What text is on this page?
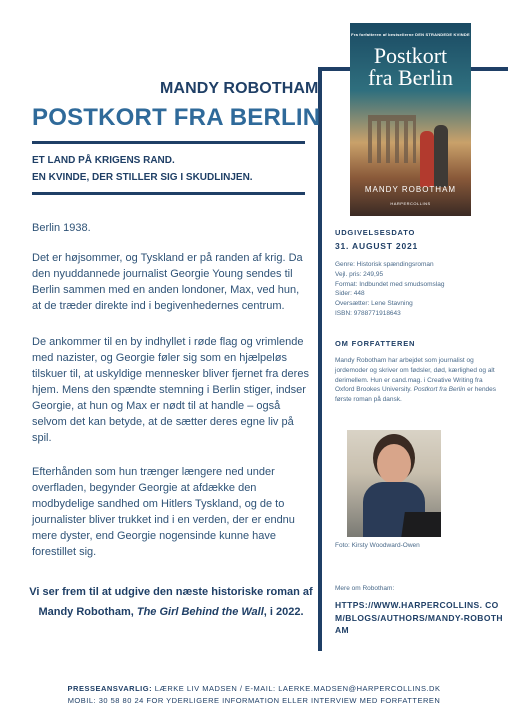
Fra forfatteren af bestsellerne DEN STRANDEDE KVINDE
Postkort
fra Berlin
MANDY ROBOTHAM
HARPERCOLLINS
MANDY ROBOTHAM
POSTKORT FRA BERLIN
ET LAND PÅ KRIGENS RAND.
EN KVINDE, DER STILLER SIG I SKUDLINJEN.

Berlin 1938.

Det er højsommer, og Tyskland er på randen af krig. Da den nyuddannede journalist Georgie Young sendes til Berlin sammen med en anden londoner, Max, ved hun, at de træder direkte ind i begivenhedernes centrum.

De ankommer til en by indhyllet i røde flag og vrimlende med nazister, og Georgie føler sig som en hjælpeløs tilskuer til, at uskyldige mennesker bliver fjernet fra deres hjem. Mens den spændte stemning i Berlin stiger, indser Georgie, at hun og Max er nødt til at handle – også selvom det kan betyde, at de sætter deres egne liv på spil.

Efterhånden som hun trænger længere ned under overfladen, begynder Georgie at afdække den modbydelige sandhed om Hitlers Tyskland, og de to journalister bliver trukket ind i en verden, der er endnu mere dyster, end Georgie nogensinde kunne have forestillet sig.

Vi ser frem til at udgive den næste historiske roman af
Mandy Robotham, The Girl Behind the Wall, i 2022.
UDGIVELSESDATO
31. AUGUST 2021
Genre: Historisk spændingsroman
Vejl. pris: 249,95
Format: Indbundet med smudsomslag
Sider: 448
Oversætter: Lene Stavning
ISBN: 9788771918643
OM FORFATTEREN
Mandy Robotham har arbejdet som journalist og jordemoder og skriver om fødsler, død, kærlighed og alt derimellem. Hun er cand.mag. i Creative Writing fra Oxford Brookes University. Postkort fra Berlin er hendes første roman på dansk.
Foto: Kirsty Woodward-Owen
Mere om Robotham:
HTTPS://WWW.HARPERCOLLINS. COM/BLOGS/AUTHORS/MANDY-ROBOTHAM
PRESSEANSVARLIG: LÆRKE LIV MADSEN / E-MAIL: LAERKE.MADSEN@HARPERCOLLINS.DK
MOBIL: 30 58 80 24 FOR YDERLIGERE INFORMATION ELLER INTERVIEW MED FORFATTEREN
